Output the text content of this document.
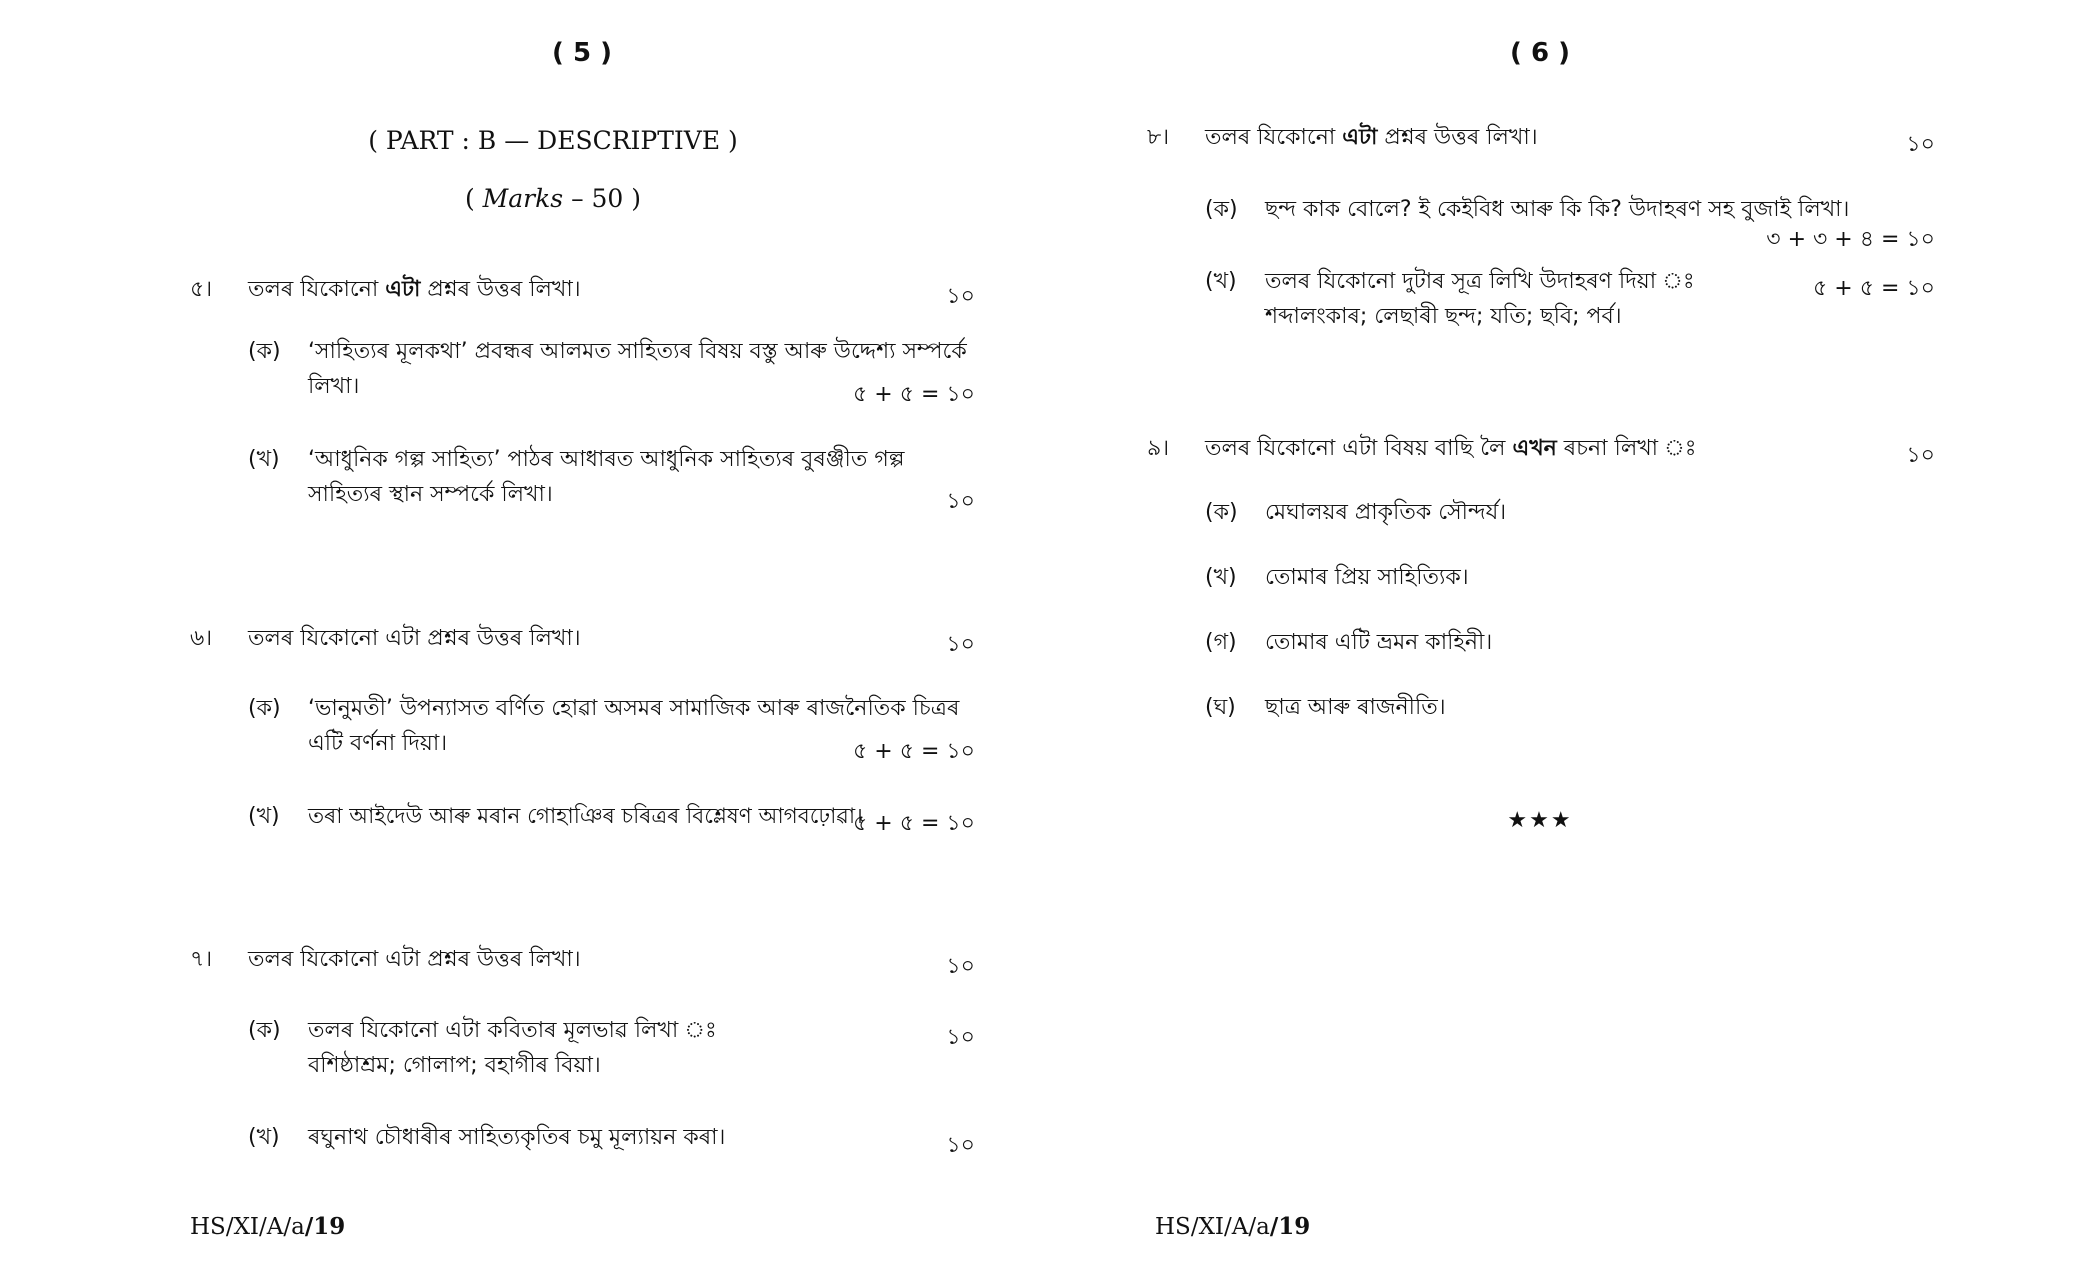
( 5 )
( PART : B — DESCRIPTIVE )
( Marks – 50 )
৫। তলৰ যিকোনো এটা প্ৰশ্নৰ উত্তৰ লিখা।	১০
(ক) ‘সাহিত্যৰ মূলকথা’ প্ৰবন্ধৰ আলমত সাহিত্যৰ বিষয় বস্তু আৰু উদ্দেশ্য সম্পৰ্কে
লিখা।	৫ + ৫ = ১০
(খ) ‘আধুনিক গল্প সাহিত্য’ পাঠৰ আধাৰত আধুনিক সাহিত্যৰ বুৰঞ্জীত গল্প
সাহিত্যৰ স্থান সম্পৰ্কে লিখা।	১০
৬। তলৰ যিকোনো এটা প্ৰশ্নৰ উত্তৰ লিখা।	১০
(ক) ‘ভানুমতী’ উপন্যাসত বৰ্ণিত হোৱা অসমৰ সামাজিক আৰু ৰাজনৈতিক চিত্ৰৰ
এটি বৰ্ণনা দিয়া।	৫ + ৫ = ১০
(খ) তৰা আইদেউ আৰু মৰান গোহাঞিৰ চৰিত্ৰৰ বিশ্লেষণ আগবঢ়োৱা।
৫ + ৫ = ১০
৭। তলৰ যিকোনো এটা প্ৰশ্নৰ উত্তৰ লিখা।	১০
(ক) তলৰ যিকোনো এটা কবিতাৰ মূলভাৱ লিখা ঃ	১০
বশিষ্ঠাশ্ৰম; গোলাপ; বহাগীৰ বিয়া।
(খ) ৰঘুনাথ চৌধাৰীৰ সাহিত্যকৃতিৰ চমু মূল্যায়ন কৰা।	১০
HS/XI/A/a/19
( 6 )
৮। তলৰ যিকোনো এটা প্ৰশ্নৰ উত্তৰ লিখা।	১০
(ক) ছন্দ কাক বোলে? ই কেইবিধ আৰু কি কি? উদাহৰণ সহ বুজাই লিখা।
৩ + ৩ + ৪ = ১০
(খ) তলৰ যিকোনো দুটাৰ সূত্ৰ লিখি উদাহৰণ দিয়া ঃ	৫ + ৫ = ১০
শব্দালংকাৰ; লেছাৰী ছন্দ; যতি; ছবি; পৰ্ব।
৯। তলৰ যিকোনো এটা বিষয় বাছি লৈ এখন ৰচনা লিখা ঃ	১০
(ক) মেঘালয়ৰ প্ৰাকৃতিক সৌন্দৰ্য।
(খ) তোমাৰ প্ৰিয় সাহিত্যিক।
(গ) তোমাৰ এটি ভ্ৰমন কাহিনী।
(ঘ) ছাত্ৰ আৰু ৰাজনীতি।
★★★
HS/XI/A/a/19
